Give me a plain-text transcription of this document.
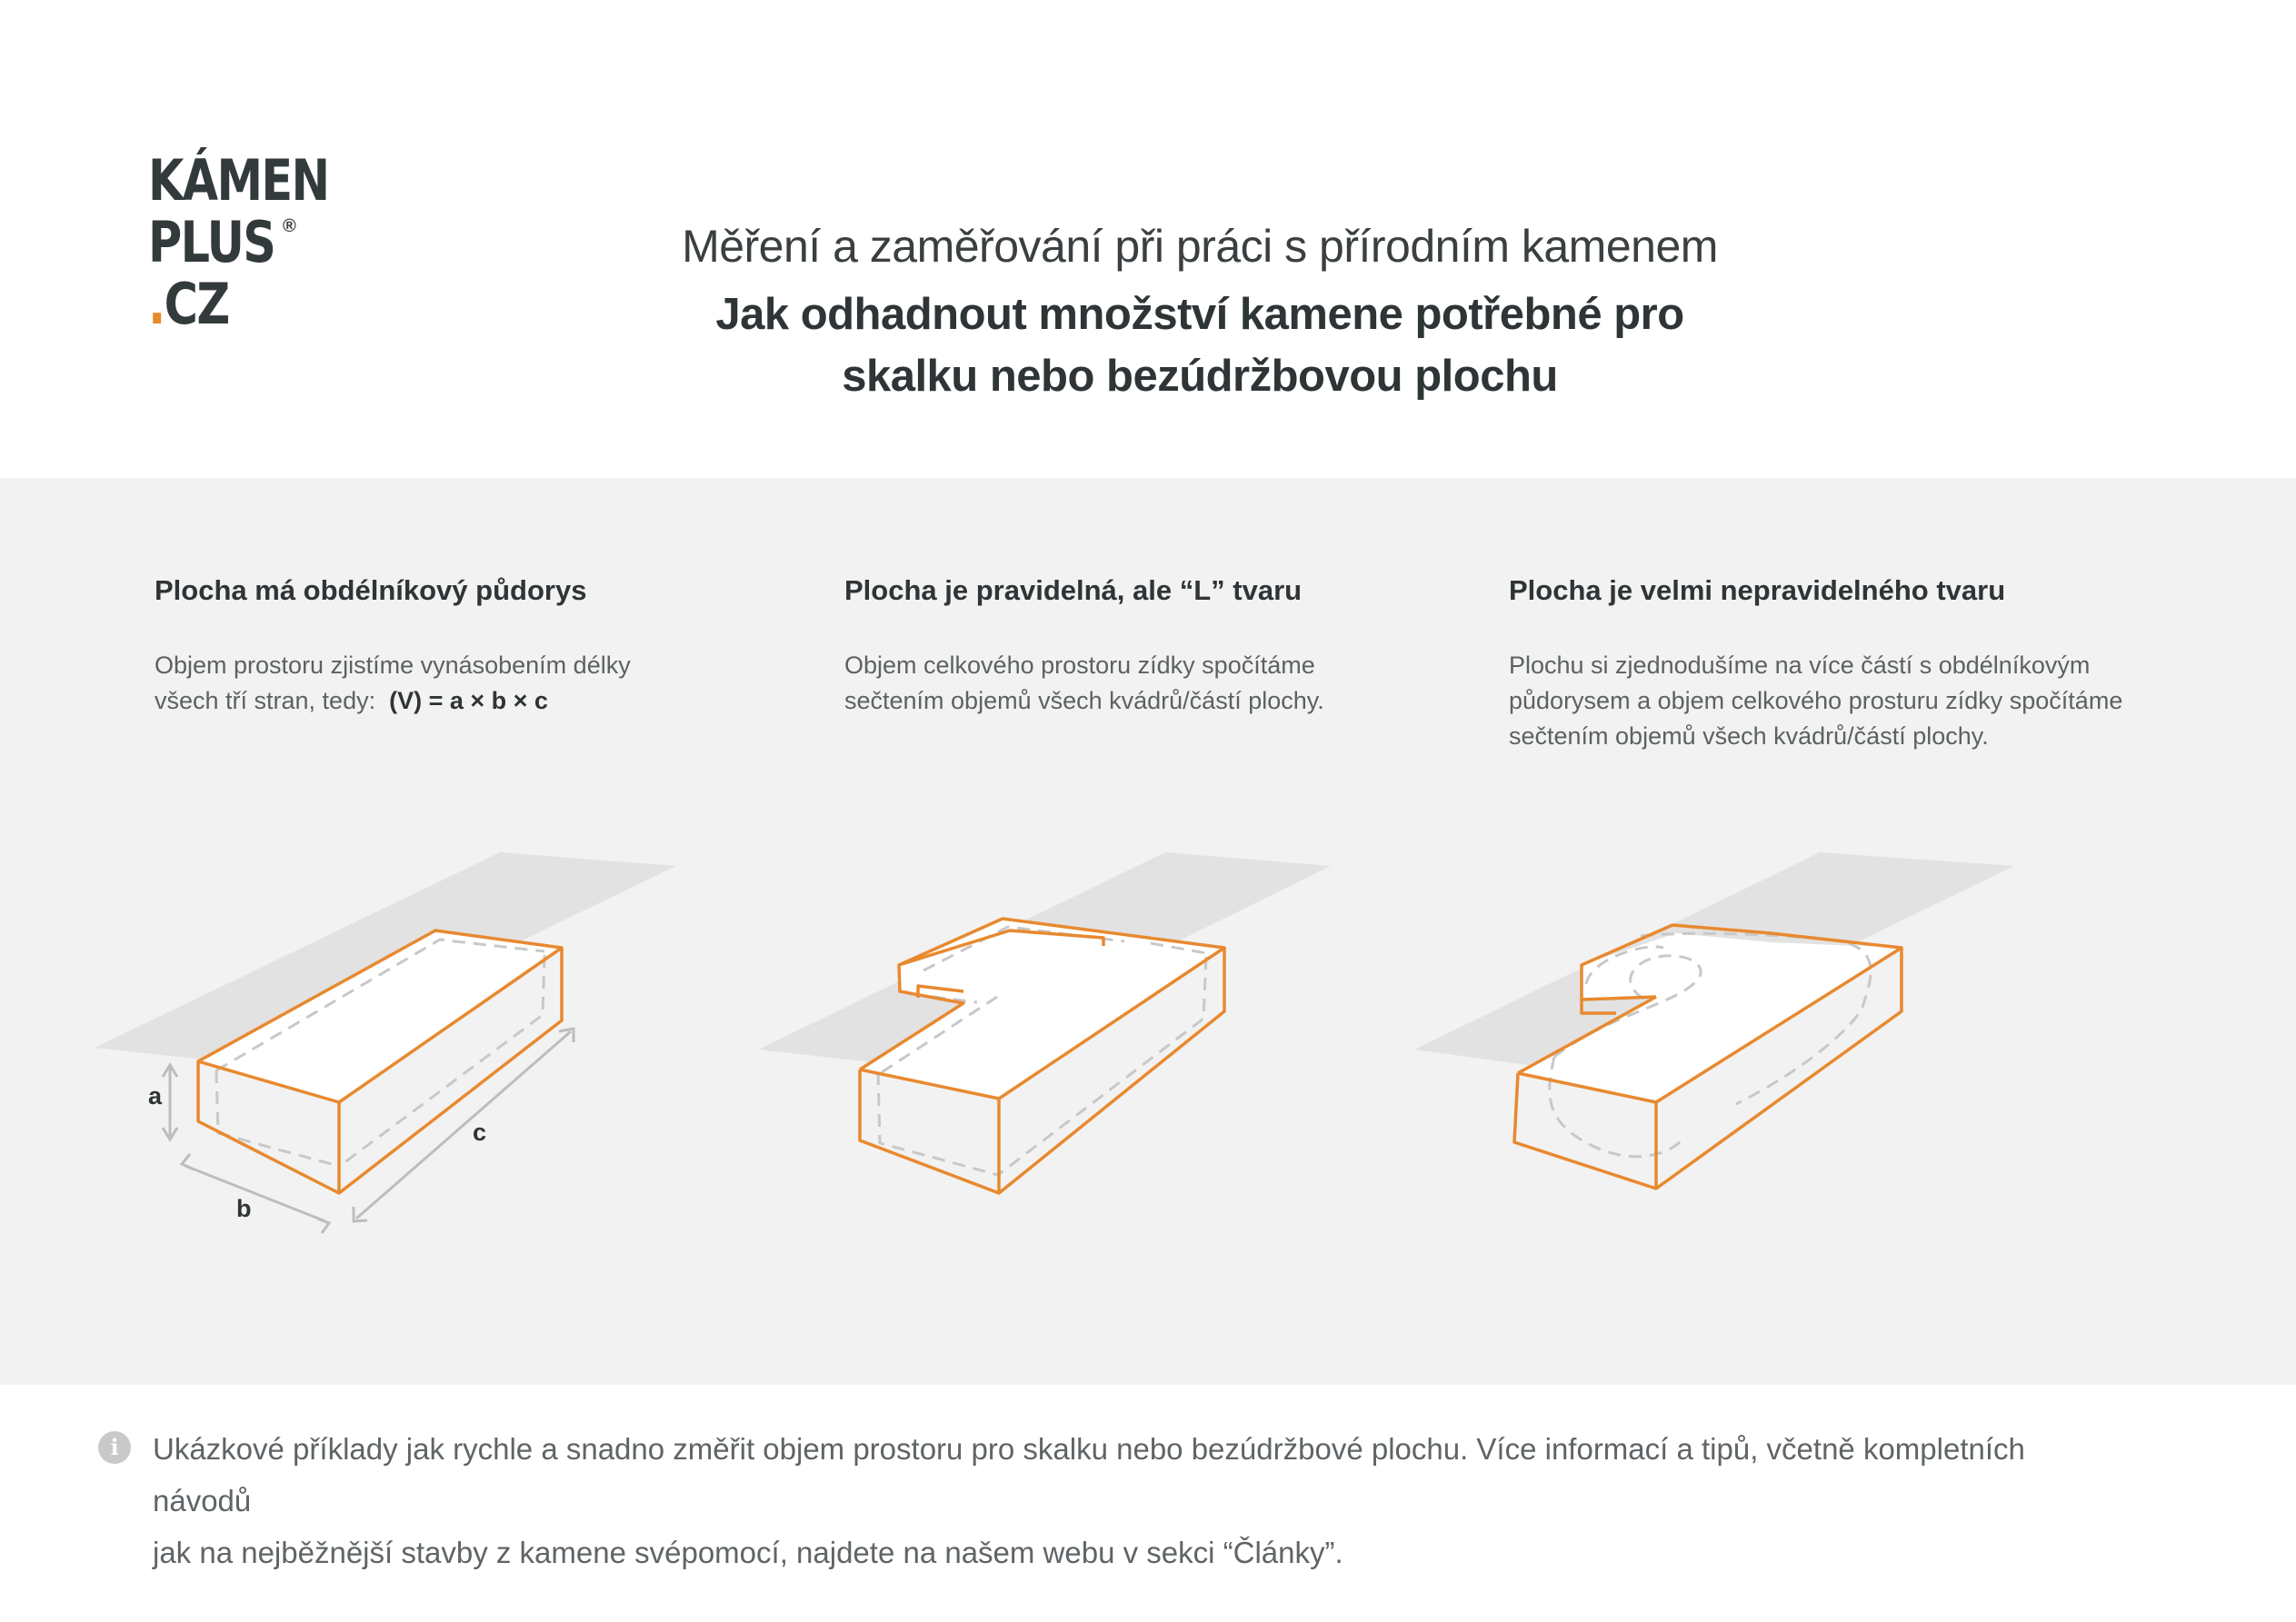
KÁMEN
PLUS ®
.CZ
Měření a zaměřování při práci s přírodním kamenem
Jak odhadnout množství kamene potřebné pro
skalku nebo bezúdržbovou plochu
Plocha má obdélníkový půdorys
Objem prostoru zjistíme vynásobením délky
všech tří stran, tedy: (V) = a × b × c
Plocha je pravidelná, ale “L” tvaru
Objem celkového prostoru zídky spočítáme
sečtením objemů všech kvádrů/částí plochy.
Plocha je velmi nepravidelného tvaru
Plochu si zjednodušíme na více částí s obdélníkovým
půdorysem a objem celkového prosturu zídky spočítáme
sečtením objemů všech kvádrů/částí plochy.
a
b
c
i	Ukázkové příklady jak rychle a snadno změřit objem prostoru pro skalku nebo bezúdržbové plochu. Více informací a tipů, včetně kompletních návodů
jak na nejběžnější stavby z kamene svépomocí, najdete na našem webu v sekci “Články”.
